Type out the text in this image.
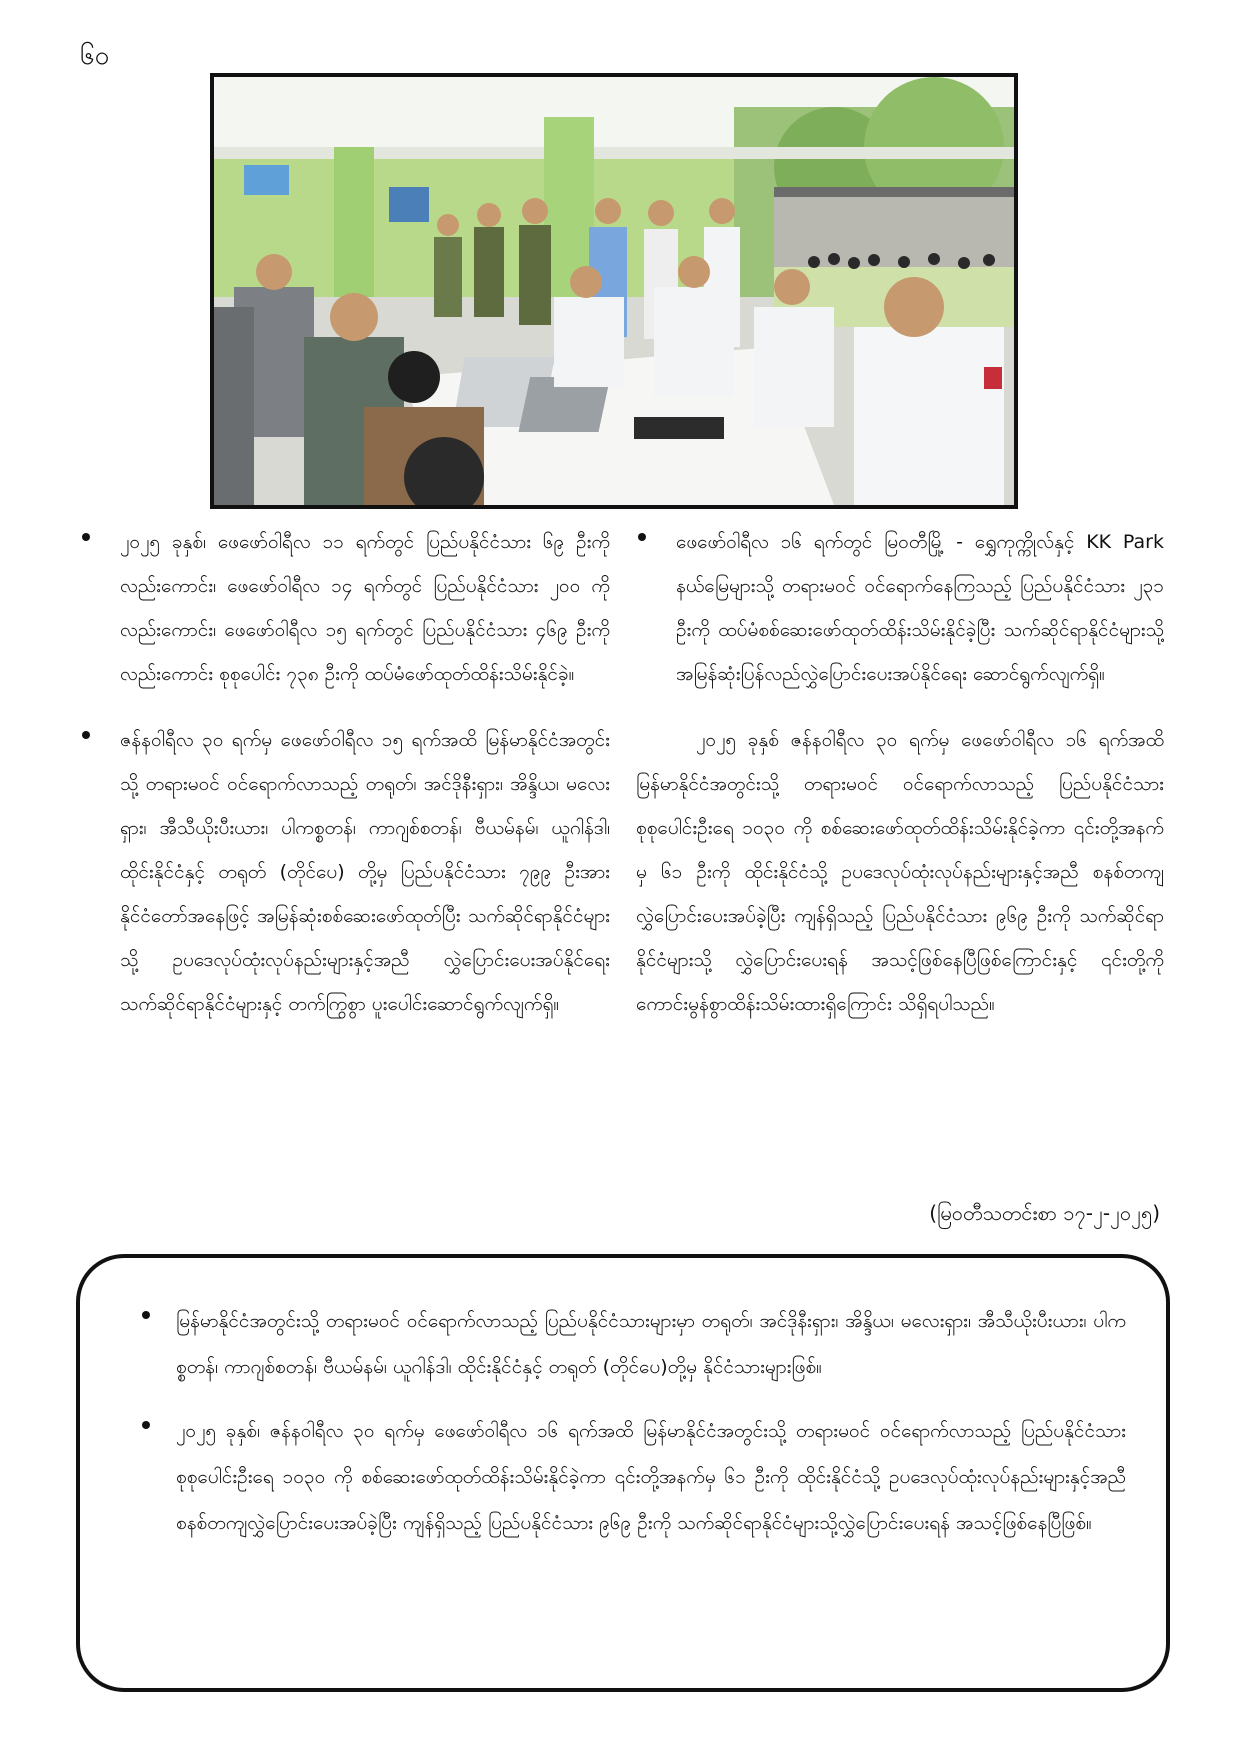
၆၀

၂၀၂၅ ခုနှစ်၊ ဖေဖော်ဝါရီလ ၁၁ ရက်တွင် ပြည်ပနိုင်ငံသား ၆၉ ဦးကိုလည်းကောင်း၊ ဖေဖော်ဝါရီလ ၁၄ ရက်တွင် ပြည်ပနိုင်ငံသား ၂၀၀ ကိုလည်းကောင်း၊ ဖေဖော်ဝါရီလ ၁၅ ရက်တွင် ပြည်ပနိုင်ငံသား ၄၆၉ ဦးကိုလည်းကောင်း စုစုပေါင်း ၇၃၈ ဦးကို ထပ်မံဖော်ထုတ်ထိန်းသိမ်းနိုင်ခဲ့။

ဇန်နဝါရီလ ၃၀ ရက်မှ ဖေဖော်ဝါရီလ ၁၅ ရက်အထိ မြန်မာနိုင်ငံအတွင်းသို့ တရားမဝင် ဝင်ရောက်လာသည့် တရုတ်၊ အင်ဒိုနီးရှား၊ အိန္ဒိယ၊ မလေးရှား၊ အီသီယိုးပီးယား၊ ပါကစ္စတန်၊ ကာဂျစ်စတန်၊ ဗီယမ်နမ်၊ ယူဂါန်ဒါ၊ ထိုင်းနိုင်ငံနှင့် တရုတ် (တိုင်ပေ) တို့မှ ပြည်ပနိုင်ငံသား ၇၉၉ ဦးအား နိုင်ငံတော်အနေဖြင့် အမြန်ဆုံးစစ်ဆေးဖော်ထုတ်ပြီး သက်ဆိုင်ရာနိုင်ငံများသို့ ဥပဒေလုပ်ထုံးလုပ်နည်းများနှင့်အညီ လွှဲပြောင်းပေးအပ်နိုင်ရေး သက်ဆိုင်ရာနိုင်ငံများနှင့် တက်ကြွစွာ ပူးပေါင်းဆောင်ရွက်လျက်ရှိ။

ဖေဖော်ဝါရီလ ၁၆ ရက်တွင် မြဝတီမြို့ - ရွှေကုက္ကိုလ်နှင့် KK Park နယ်မြေများသို့ တရားမဝင် ဝင်ရောက်နေကြသည့် ပြည်ပနိုင်ငံသား ၂၃၁ ဦးကို ထပ်မံစစ်ဆေးဖော်ထုတ်ထိန်းသိမ်းနိုင်ခဲ့ပြီး သက်ဆိုင်ရာနိုင်ငံများသို့ အမြန်ဆုံးပြန်လည်လွှဲပြောင်းပေးအပ်နိုင်ရေး ဆောင်ရွက်လျက်ရှိ။

၂၀၂၅ ခုနှစ် ဇန်နဝါရီလ ၃၀ ရက်မှ ဖေဖော်ဝါရီလ ၁၆ ရက်အထိ မြန်မာနိုင်ငံအတွင်းသို့ တရားမဝင် ဝင်ရောက်လာသည့် ပြည်ပနိုင်ငံသား စုစုပေါင်းဦးရေ ၁၀၃၀ ကို စစ်ဆေးဖော်ထုတ်ထိန်းသိမ်းနိုင်ခဲ့ကာ ၎င်းတို့အနက်မှ ၆၁ ဦးကို ထိုင်းနိုင်ငံသို့ ဥပဒေလုပ်ထုံးလုပ်နည်းများနှင့်အညီ စနစ်တကျလွှဲပြောင်းပေးအပ်ခဲ့ပြီး ကျန်ရှိသည့် ပြည်ပနိုင်ငံသား ၉၆၉ ဦးကို သက်ဆိုင်ရာနိုင်ငံများသို့ လွှဲပြောင်းပေးရန် အသင့်ဖြစ်နေပြီဖြစ်ကြောင်းနှင့် ၎င်းတို့ကို ကောင်းမွန်စွာထိန်းသိမ်းထားရှိကြောင်း သိရှိရပါသည်။

(မြဝတီသတင်းစာ ၁၇-၂-၂၀၂၅)

မြန်မာနိုင်ငံအတွင်းသို့ တရားမဝင် ဝင်ရောက်လာသည့် ပြည်ပနိုင်ငံသားများမှာ တရုတ်၊ အင်ဒိုနီးရှား၊ အိန္ဒိယ၊ မလေးရှား၊ အီသီယိုးပီးယား၊ ပါကစ္စတန်၊ ကာဂျစ်စတန်၊ ဗီယမ်နမ်၊ ယူဂါန်ဒါ၊ ထိုင်းနိုင်ငံနှင့် တရုတ် (တိုင်ပေ)တို့မှ နိုင်ငံသားများဖြစ်။

၂၀၂၅ ခုနှစ်၊ ဇန်နဝါရီလ ၃၀ ရက်မှ ဖေဖော်ဝါရီလ ၁၆ ရက်အထိ မြန်မာနိုင်ငံအတွင်းသို့ တရားမဝင် ဝင်ရောက်လာသည့် ပြည်ပနိုင်ငံသားစုစုပေါင်းဦးရေ ၁၀၃၀ ကို စစ်ဆေးဖော်ထုတ်ထိန်းသိမ်းနိုင်ခဲ့ကာ ၎င်းတို့အနက်မှ ၆၁ ဦးကို ထိုင်းနိုင်ငံသို့ ဥပဒေလုပ်ထုံးလုပ်နည်းများနှင့်အညီ စနစ်တကျလွှဲပြောင်းပေးအပ်ခဲ့ပြီး ကျန်ရှိသည့် ပြည်ပနိုင်ငံသား ၉၆၉ ဦးကို သက်ဆိုင်ရာနိုင်ငံများသို့လွှဲပြောင်းပေးရန် အသင့်ဖြစ်နေပြီဖြစ်။
